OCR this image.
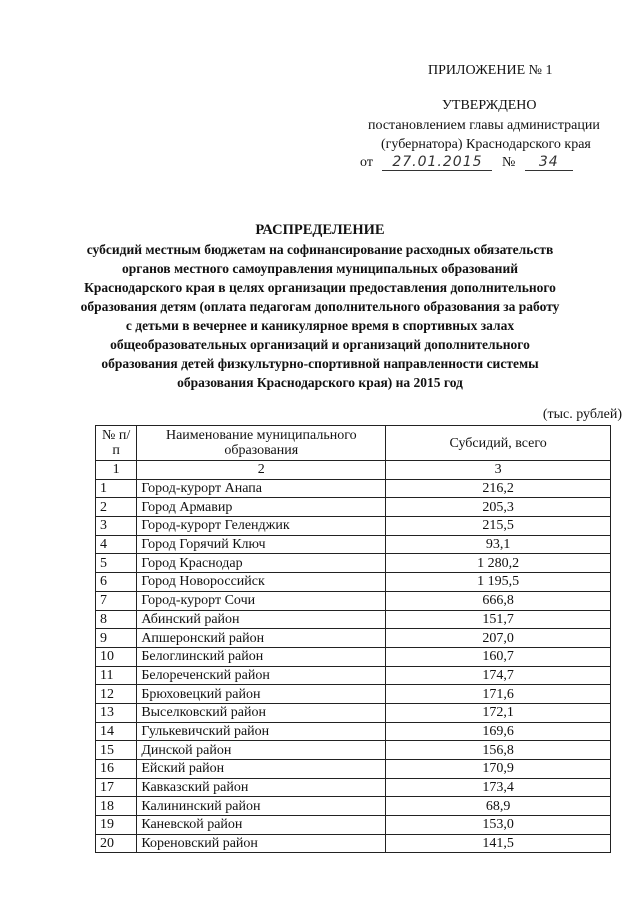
ПРИЛОЖЕНИЕ № 1
УТВЕРЖДЕНО
постановлением главы администрации
(губернатора) Краснодарского края
от 27.01.2015 № 34
РАСПРЕДЕЛЕНИЕ
субсидий местным бюджетам на софинансирование расходных обязательств органов местного самоуправления муниципальных образований Краснодарского края в целях организации предоставления дополнительного образования детям (оплата педагогам дополнительного образования за работу с детьми в вечернее и каникулярное время в спортивных залах общеобразовательных организаций и организаций дополнительного образования детей физкультурно-спортивной направленности системы образования Краснодарского края) на 2015 год
(тыс. рублей)
№ п/п	Наименование муниципального образования	Субсидий, всего
1	2	3
1	Город-курорт Анапа	216,2
2	Город Армавир	205,3
3	Город-курорт Геленджик	215,5
4	Город Горячий Ключ	93,1
5	Город Краснодар	1 280,2
6	Город Новороссийск	1 195,5
7	Город-курорт Сочи	666,8
8	Абинский район	151,7
9	Апшеронский район	207,0
10	Белоглинский район	160,7
11	Белореченский район	174,7
12	Брюховецкий район	171,6
13	Выселковский район	172,1
14	Гулькевичский район	169,6
15	Динской район	156,8
16	Ейский район	170,9
17	Кавказский район	173,4
18	Калининский район	68,9
19	Каневской район	153,0
20	Кореновский район	141,5
